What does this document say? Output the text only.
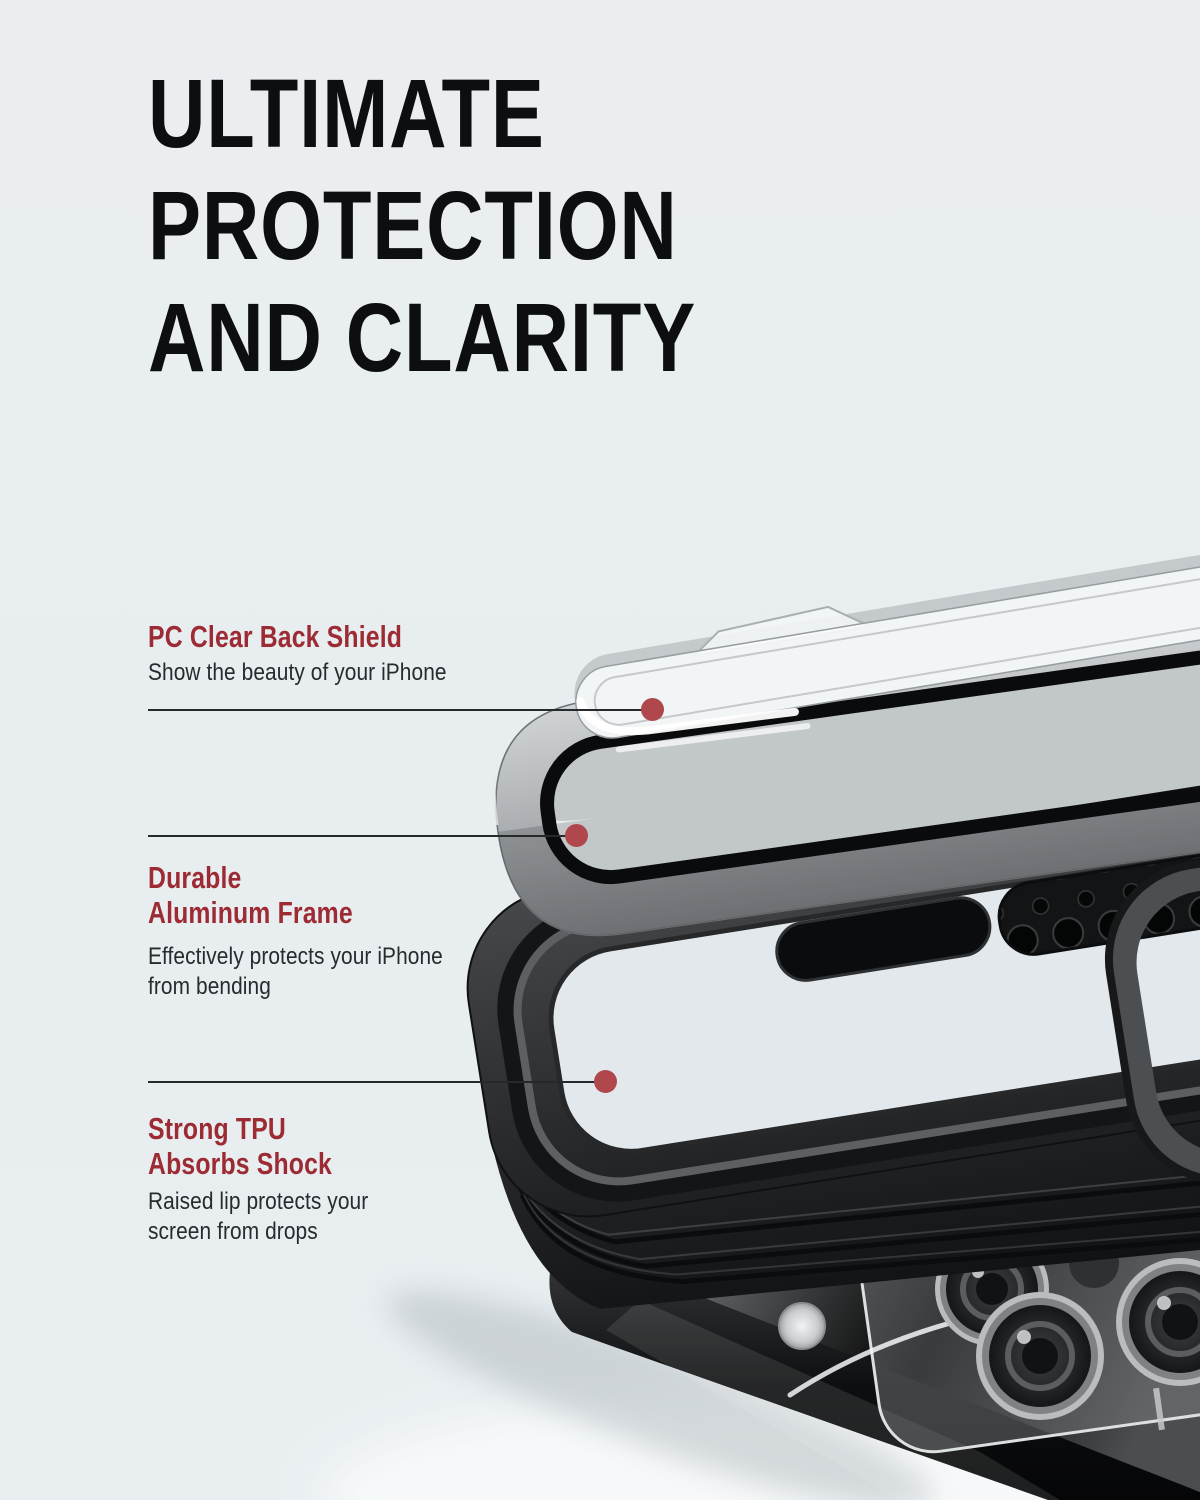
ULTIMATE
PROTECTION
AND CLARITY
PC Clear Back Shield
Show the beauty of your iPhone
Durable
Aluminum Frame
Effectively protects your iPhone
from bending
Strong TPU
Absorbs Shock
Raised lip protects your
screen from drops
